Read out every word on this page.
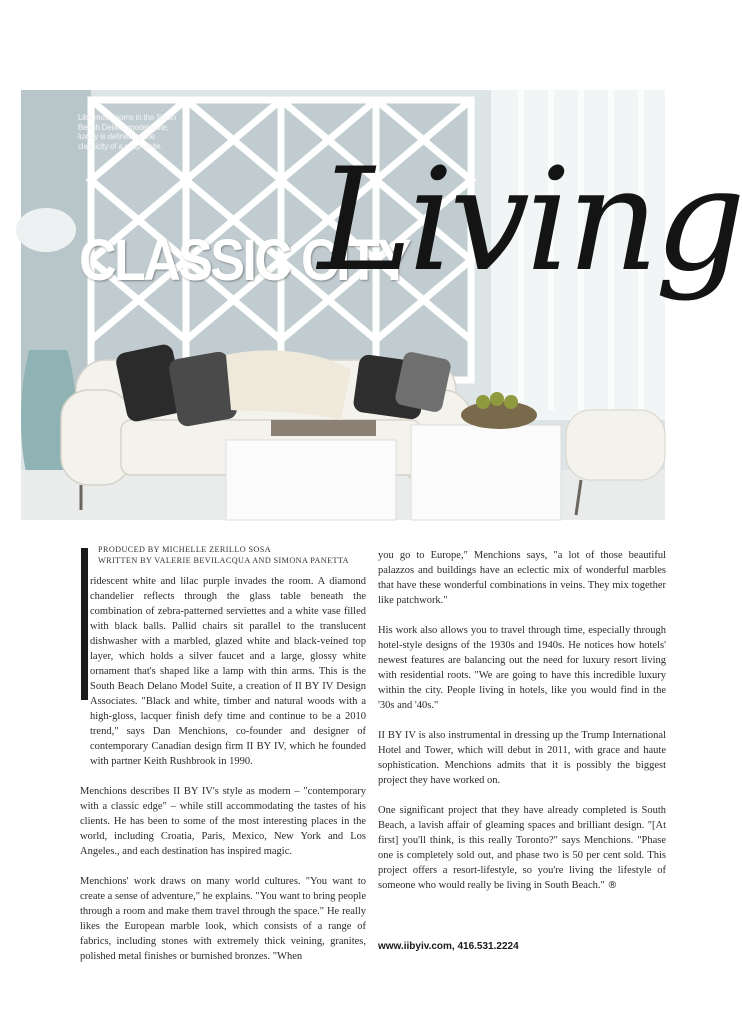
Like most rooms in the South Beach Delano model suite, luxury is defined by the classicity of a crisp white.
CLASSIC CITY
Living
PRODUCED BY MICHELLE ZERILLO SOSA
WRITTEN BY VALERIE BEVILACQUA AND SIMONA PANETTA

ridescent white and lilac purple invades the room. A diamond chandelier reflects through the glass table beneath the combination of zebra-patterned serviettes and a white vase filled with black balls. Pallid chairs sit parallel to the translucent dishwasher with a marbled, glazed white and black-veined top layer, which holds a silver faucet and a large, glossy white ornament that's shaped like a lamp with thin arms. This is the South Beach Delano Model Suite, a creation of II BY IV Design Associates. "Black and white, timber and natural woods with a high-gloss, lacquer finish defy time and continue to be a 2010 trend," says Dan Menchions, co-founder and designer of contemporary Canadian design firm II BY IV, which he founded with partner Keith Rushbrook in 1990.

Menchions describes II BY IV's style as modern – "contemporary with a classic edge" – while still accommodating the tastes of his clients. He has been to some of the most interesting places in the world, including Croatia, Paris, Mexico, New York and Los Angeles., and each destination has inspired magic.

Menchions' work draws on many world cultures. "You want to create a sense of adventure," he explains. "You want to bring people through a room and make them travel through the space." He really likes the European marble look, which consists of a range of fabrics, including stones with extremely thick veining, granites, polished metal finishes or burnished bronzes. "When

you go to Europe," Menchions says, "a lot of those beautiful palazzos and buildings have an eclectic mix of wonderful marbles that have these wonderful combinations in veins. They mix together like patchwork."

His work also allows you to travel through time, especially through hotel-style designs of the 1930s and 1940s. He notices how hotels' newest features are balancing out the need for luxury resort living with residential roots. "We are going to have this incredible luxury within the city. People living in hotels, like you would find in the '30s and '40s."

II BY IV is also instrumental in dressing up the Trump International Hotel and Tower, which will debut in 2011, with grace and haute sophistication. Menchions admits that it is possibly the biggest project they have worked on.

One significant project that they have already completed is South Beach, a lavish affair of gleaming spaces and brilliant design. "[At first] you'll think, is this really Toronto?" says Menchions. "Phase one is completely sold out, and phase two is 50 per cent sold. This project offers a resort-lifestyle, so you're living the lifestyle of someone who would really be living in South Beach." ®

www.iibyiv.com, 416.531.2224
